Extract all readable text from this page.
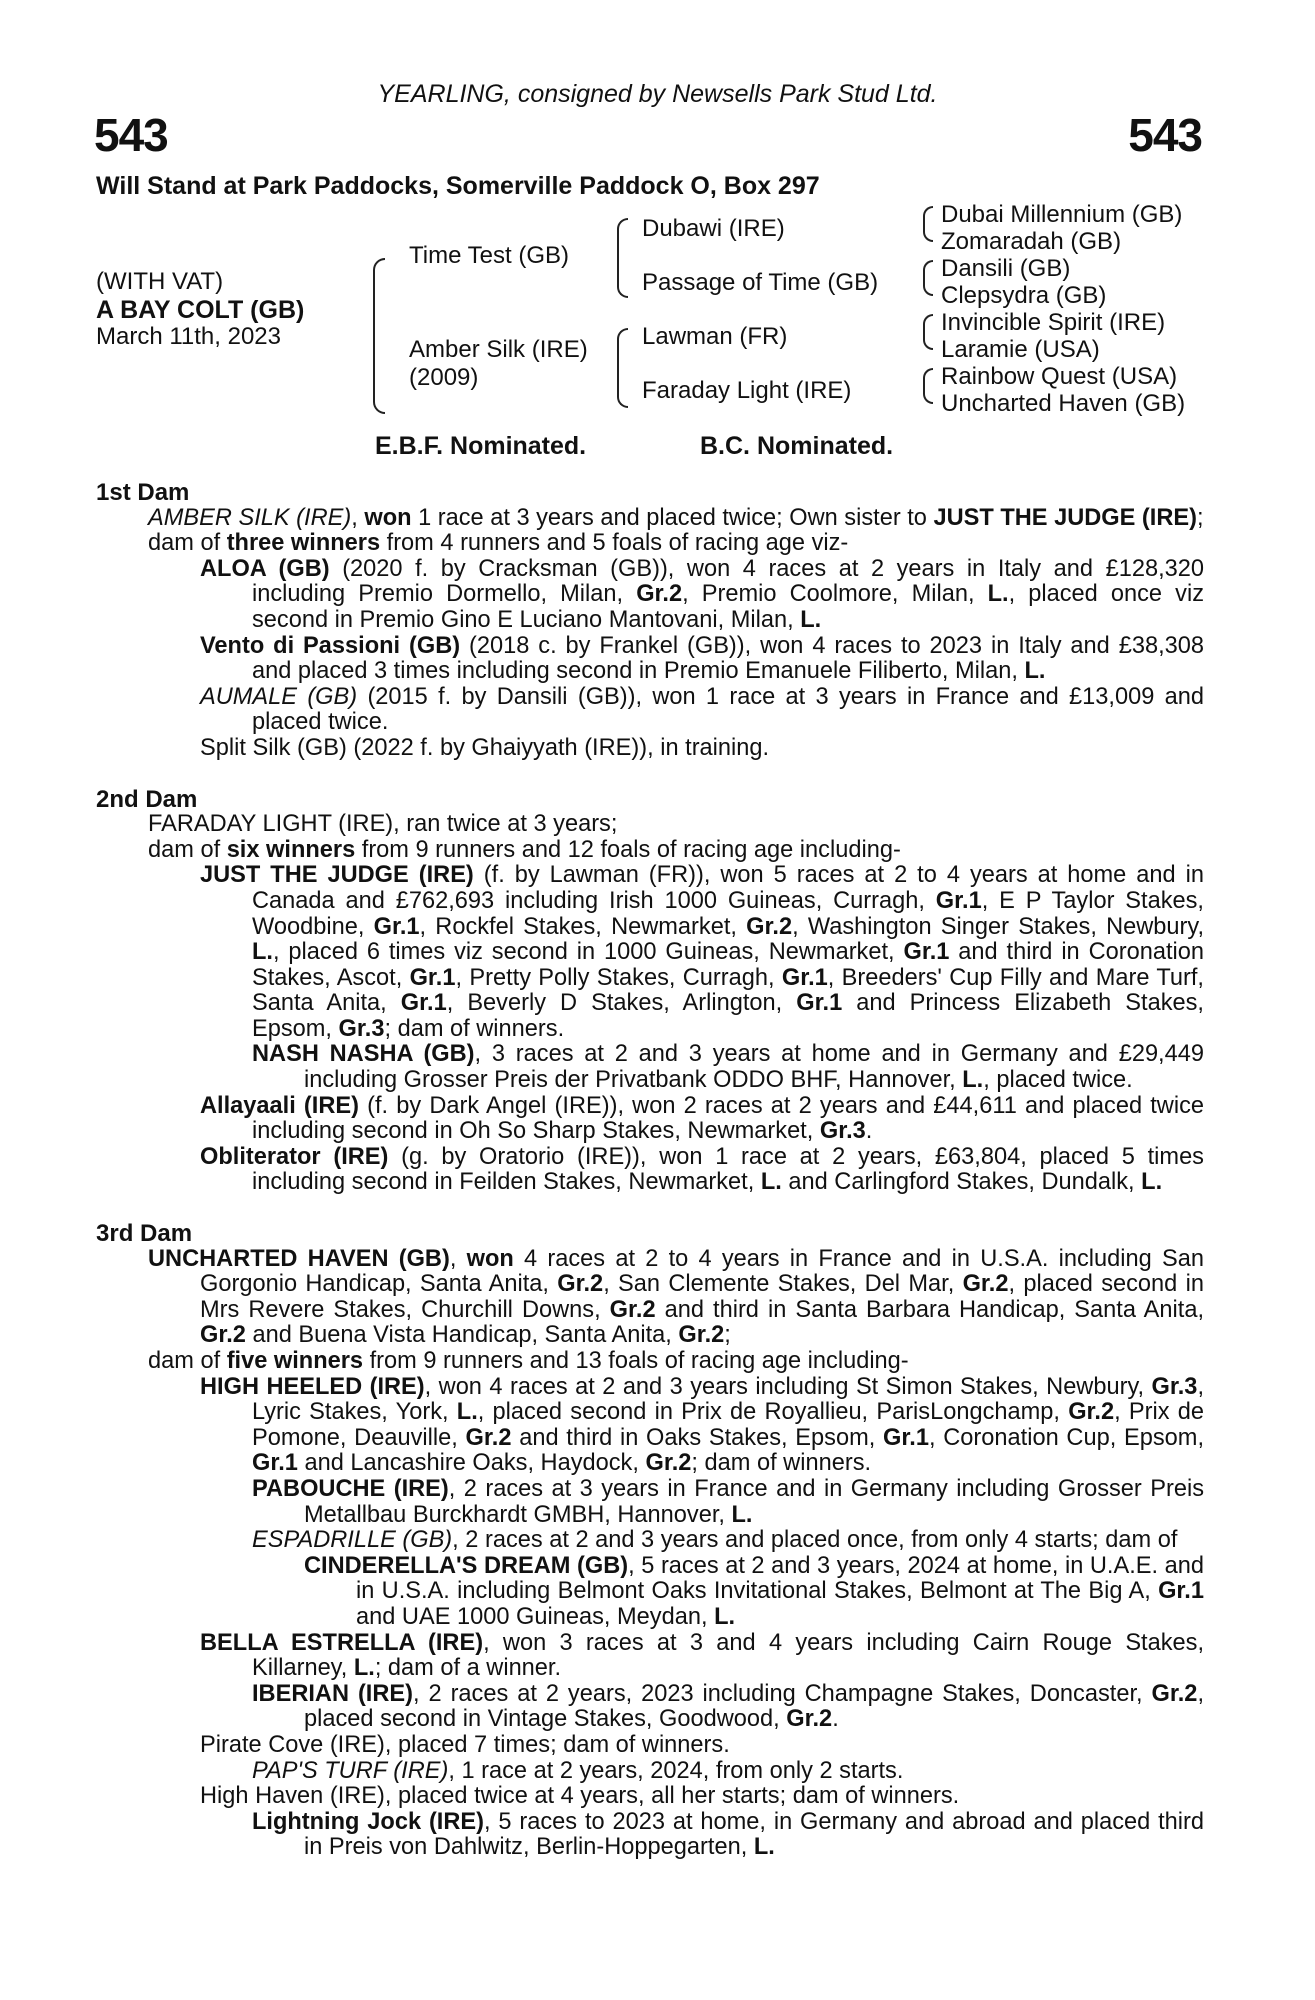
YEARLING, consigned by Newsells Park Stud Ltd.
543	543
Will Stand at Park Paddocks, Somerville Paddock O, Box 297
(WITH VAT)
A BAY COLT (GB)
March 11th, 2023
Time Test (GB)
Amber Silk (IRE)
(2009)
Dubawi (IRE)
Passage of Time (GB)
Lawman (FR)
Faraday Light (IRE)
Dubai Millennium (GB)
Zomaradah (GB)
Dansili (GB)
Clepsydra (GB)
Invincible Spirit (IRE)
Laramie (USA)
Rainbow Quest (USA)
Uncharted Haven (GB)
E.B.F. Nominated.	B.C. Nominated.
1st Dam

AMBER SILK (IRE), won 1 race at 3 years and placed twice; Own sister to JUST THE JUDGE (IRE);

dam of three winners from 4 runners and 5 foals of racing age viz-

ALOA (GB) (2020 f. by Cracksman (GB)), won 4 races at 2 years in Italy and £128,320 including Premio Dormello, Milan, Gr.2, Premio Coolmore, Milan, L., placed once viz second in Premio Gino E Luciano Mantovani, Milan, L.

Vento di Passioni (GB) (2018 c. by Frankel (GB)), won 4 races to 2023 in Italy and £38,308 and placed 3 times including second in Premio Emanuele Filiberto, Milan, L.

AUMALE (GB) (2015 f. by Dansili (GB)), won 1 race at 3 years in France and £13,009 and placed twice.

Split Silk (GB) (2022 f. by Ghaiyyath (IRE)), in training.

2nd Dam

FARADAY LIGHT (IRE), ran twice at 3 years;

dam of six winners from 9 runners and 12 foals of racing age including-

JUST THE JUDGE (IRE) (f. by Lawman (FR)), won 5 races at 2 to 4 years at home and in Canada and £762,693 including Irish 1000 Guineas, Curragh, Gr.1, E P Taylor Stakes, Woodbine, Gr.1, Rockfel Stakes, Newmarket, Gr.2, Washington Singer Stakes, Newbury, L., placed 6 times viz second in 1000 Guineas, Newmarket, Gr.1 and third in Coronation Stakes, Ascot, Gr.1, Pretty Polly Stakes, Curragh, Gr.1, Breeders' Cup Filly and Mare Turf, Santa Anita, Gr.1, Beverly D Stakes, Arlington, Gr.1 and Princess Elizabeth Stakes, Epsom, Gr.3; dam of winners.

NASH NASHA (GB), 3 races at 2 and 3 years at home and in Germany and £29,449 including Grosser Preis der Privatbank ODDO BHF, Hannover, L., placed twice.

Allayaali (IRE) (f. by Dark Angel (IRE)), won 2 races at 2 years and £44,611 and placed twice including second in Oh So Sharp Stakes, Newmarket, Gr.3.

Obliterator (IRE) (g. by Oratorio (IRE)), won 1 race at 2 years, £63,804, placed 5 times including second in Feilden Stakes, Newmarket, L. and Carlingford Stakes, Dundalk, L.

3rd Dam

UNCHARTED HAVEN (GB), won 4 races at 2 to 4 years in France and in U.S.A. including San Gorgonio Handicap, Santa Anita, Gr.2, San Clemente Stakes, Del Mar, Gr.2, placed second in Mrs Revere Stakes, Churchill Downs, Gr.2 and third in Santa Barbara Handicap, Santa Anita, Gr.2 and Buena Vista Handicap, Santa Anita, Gr.2;

dam of five winners from 9 runners and 13 foals of racing age including-

HIGH HEELED (IRE), won 4 races at 2 and 3 years including St Simon Stakes, Newbury, Gr.3, Lyric Stakes, York, L., placed second in Prix de Royallieu, ParisLongchamp, Gr.2, Prix de Pomone, Deauville, Gr.2 and third in Oaks Stakes, Epsom, Gr.1, Coronation Cup, Epsom, Gr.1 and Lancashire Oaks, Haydock, Gr.2; dam of winners.

PABOUCHE (IRE), 2 races at 3 years in France and in Germany including Grosser Preis Metallbau Burckhardt GMBH, Hannover, L.

ESPADRILLE (GB), 2 races at 2 and 3 years and placed once, from only 4 starts; dam of

CINDERELLA'S DREAM (GB), 5 races at 2 and 3 years, 2024 at home, in U.A.E. and in U.S.A. including Belmont Oaks Invitational Stakes, Belmont at The Big A, Gr.1 and UAE 1000 Guineas, Meydan, L.

BELLA ESTRELLA (IRE), won 3 races at 3 and 4 years including Cairn Rouge Stakes, Killarney, L.; dam of a winner.

IBERIAN (IRE), 2 races at 2 years, 2023 including Champagne Stakes, Doncaster, Gr.2, placed second in Vintage Stakes, Goodwood, Gr.2.

Pirate Cove (IRE), placed 7 times; dam of winners.

PAP'S TURF (IRE), 1 race at 2 years, 2024, from only 2 starts.

High Haven (IRE), placed twice at 4 years, all her starts; dam of winners.

Lightning Jock (IRE), 5 races to 2023 at home, in Germany and abroad and placed third in Preis von Dahlwitz, Berlin-Hoppegarten, L.
